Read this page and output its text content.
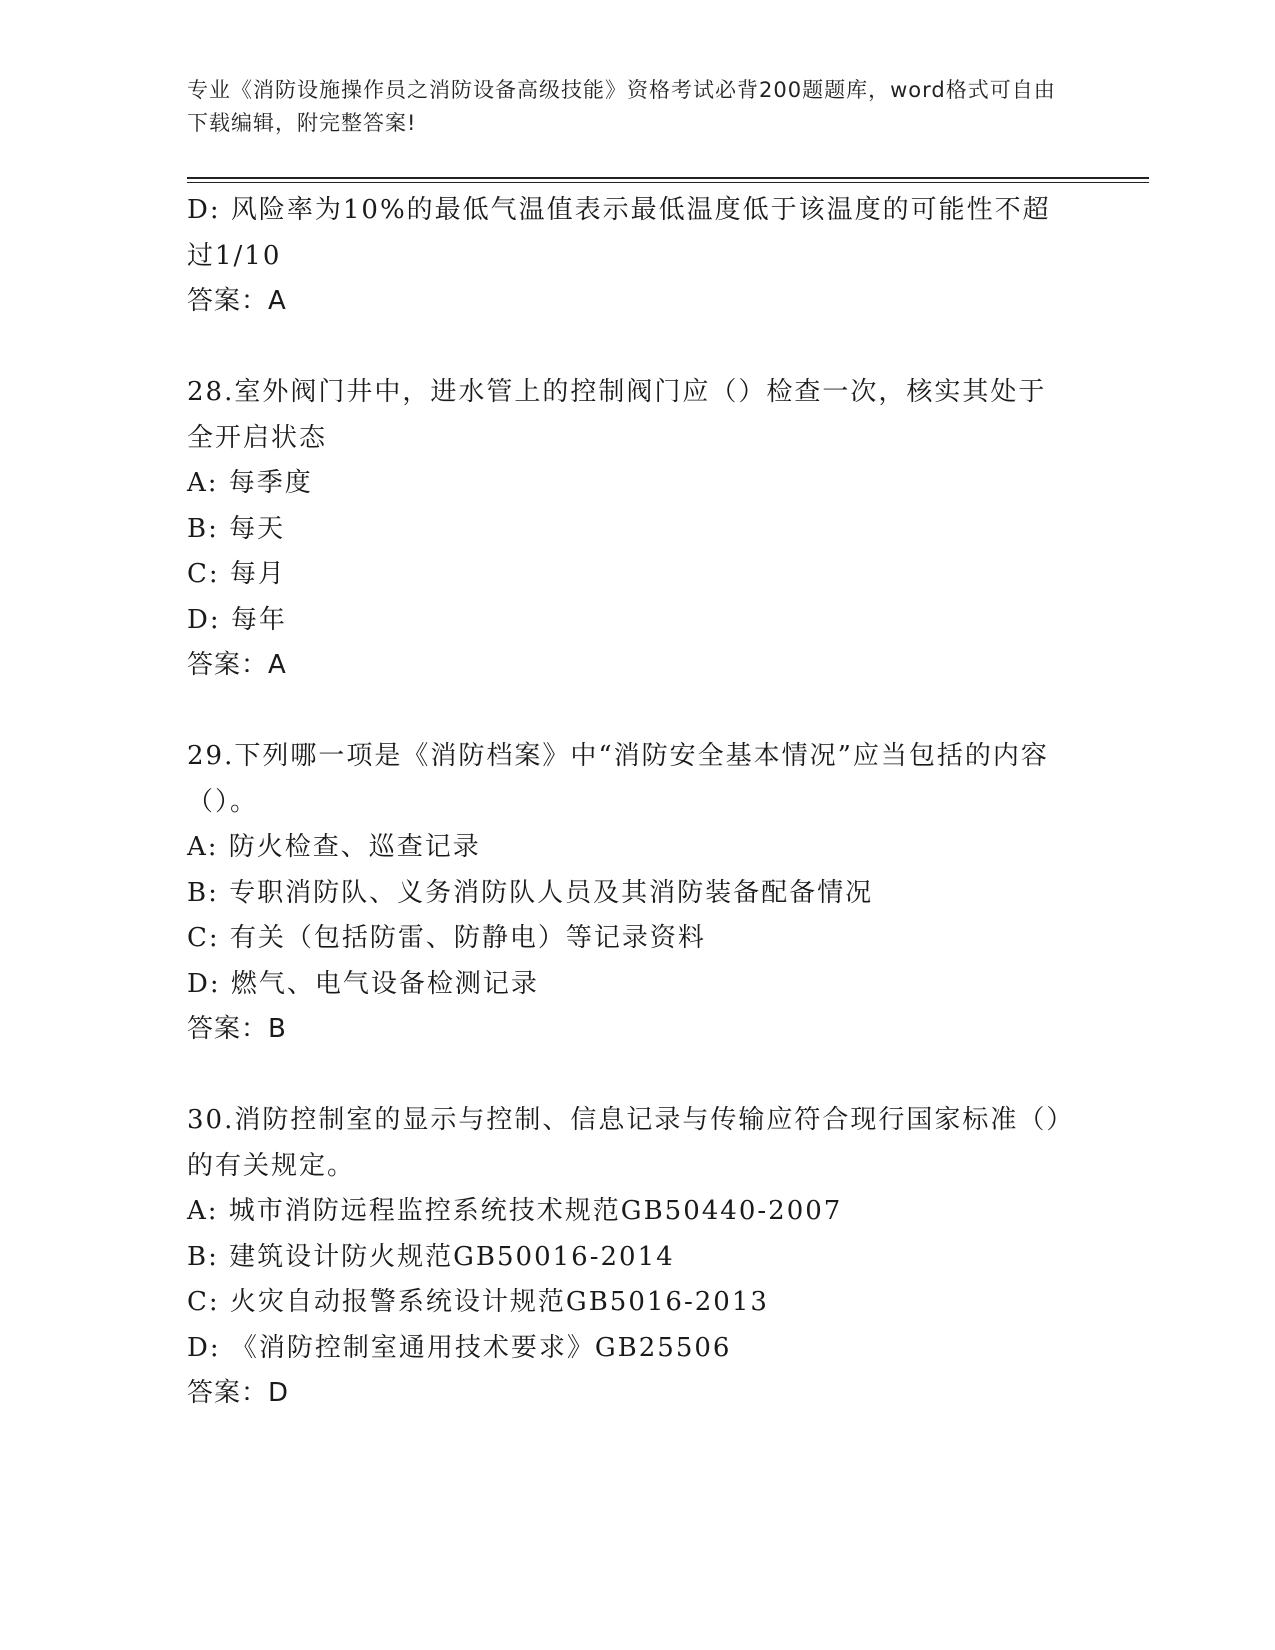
专业《消防设施操作员之消防设备高级技能》资格考试必背200题题库，word格式可自由下载编辑，附完整答案!

D: 风险率为10%的最低气温值表示最低温度低于该温度的可能性不超过1/10

答案：A

28.室外阀门井中，进水管上的控制阀门应（）检查一次，核实其处于全开启状态

A: 每季度

B: 每天

C: 每月

D: 每年

答案：A

29.下列哪一项是《消防档案》中“消防安全基本情况”应当包括的内容（）。

A: 防火检查、巡查记录

B: 专职消防队、义务消防队人员及其消防装备配备情况

C: 有关（包括防雷、防静电）等记录资料

D: 燃气、电气设备检测记录

答案：B

30.消防控制室的显示与控制、信息记录与传输应符合现行国家标准（）的有关规定。

A: 城市消防远程监控系统技术规范GB50440-2007

B: 建筑设计防火规范GB50016-2014

C: 火灾自动报警系统设计规范GB5016-2013

D: 《消防控制室通用技术要求》GB25506

答案：D
